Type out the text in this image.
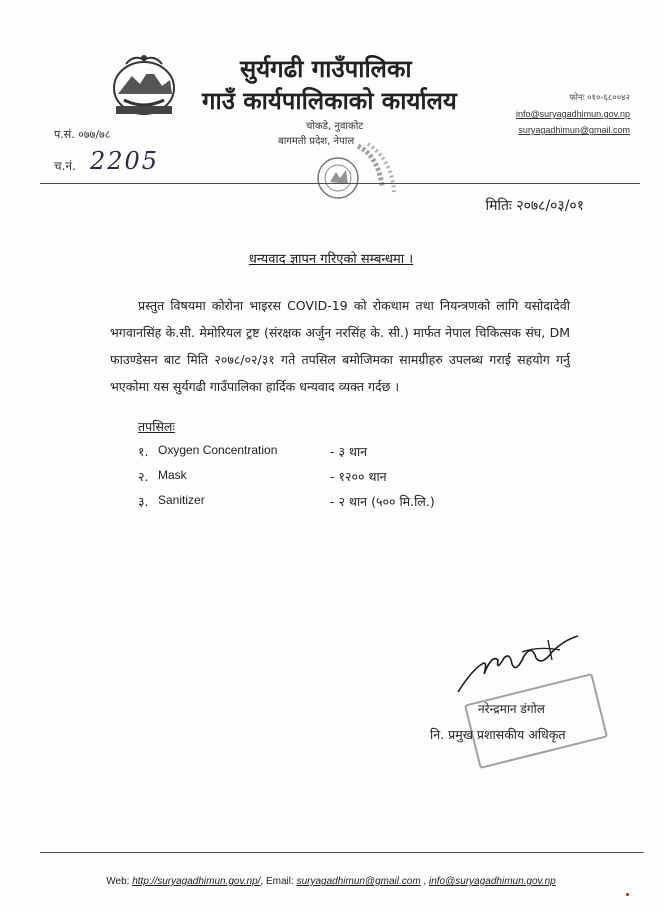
सुर्यगढी गाउँपालिका
गाउँ कार्यपालिकाको कार्यालय
चोकडे, नुवाकोट
बागमती प्रदेश, नेपाल
फोनः ०१०-६८००४२
info@suryagadhimun.gov.np
suryagadhimun@gmail.com
प.सं. ०७७/७८
च.नं. 2205
मितिः २०७८/०३/०१
धन्यवाद ज्ञापन गरिएको सम्बन्धमा ।
प्रस्तुत विषयमा कोरोना भाइरस COVID-19 को रोकथाम तथा नियन्त्रणको लागि यसोदादेवी भगवानसिंह के.सी. मेमोरियल ट्रष्ट (संरक्षक अर्जुन नरसिंह के. सी.) मार्फत नेपाल चिकित्सक संघ, DM फाउण्डेसन बाट मिति २०७८/०२/३१ गते तपसिल बमोजिमका सामग्रीहरु उपलब्ध गराई सहयोग गर्नु भएकोमा यस सुर्यगढी गाउँपालिका हार्दिक धन्यवाद व्यक्त गर्दछ ।
तपसिलः
१. Oxygen Concentration	- ३ थान
२. Mask	- १२०० थान
३. Sanitizer	- २ थान (५०० मि.लि.)
नरेन्द्रमान डंगोल
नि. प्रमुख प्रशासकीय अधिकृत
Web: http://suryagadhimun.gov.np/, Email: suryagadhimun@gmail.com , info@suryagadhimun.gov.np
